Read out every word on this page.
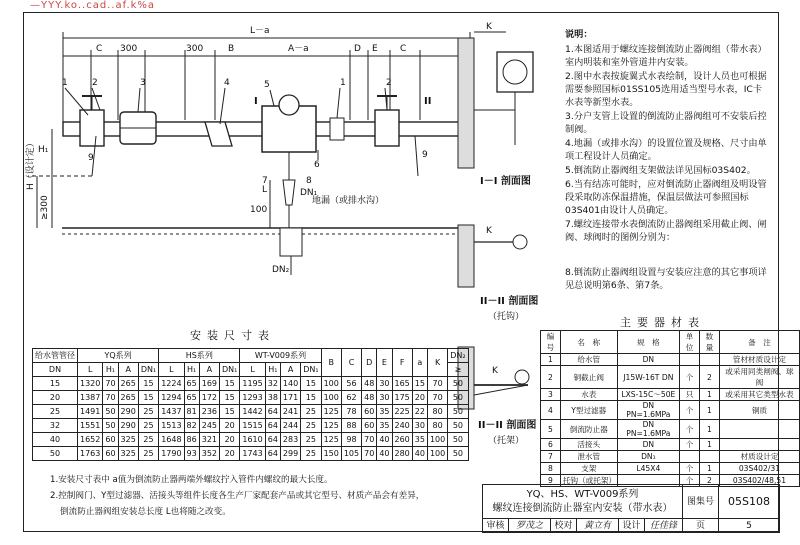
—YYY.ko..cad..af.k%a
L－a
C 300	300	B	A－a	D E C
H₁
H（设计定）
≥300	100
L	DN₁
DN₂
地漏（或排水沟）
1	2	3	4	5
6
7	8
9
1	2
9
I	II
K
I－I 剖面图
K
II－II 剖面图
（托钩）
K
II－II 剖面图
（托架）
说明：
1.本图适用于螺纹连接倒流防止器阀组（带水表）室内明装和室外管道井内安装。
2.图中水表按旋翼式水表绘制，设计人员也可根据需要参照国标01SS105选用适当型号水表，IC卡水表等新型水表。
3.分户支管上设置的倒流防止器阀组可不安装后控制阀。
4.地漏（或排水沟）的设置位置及规格、尺寸由单项工程设计人员确定。
5.倒流防止器阀组支架做法详见国标03S402。
6.当有结冻可能时，应对倒流防止器阀组及明设管段采取防冻保温措施，保温层做法可参照国标03S401由设计人员确定。
7.螺纹连接带水表倒流防止器阀组采用截止阀、闸阀、球阀时的图例分别为：
8.倒流防止器阀组设置与安装应注意的其它事项详见总说明第6条、第7条。
安装尺寸表
给水管管径	YQ系列				HS系列				WT-V009系列				B	C	D	E	F	a	K	DN₂
DN	L	H₁	A	DN₁	L	H₁	A	DN₁	L	H₁	A	DN₁								≥
15	1320	70	265	15	1224	65	169	15	1195	32	140	15	100	56	48	30	165	15	70	50
20	1387	70	265	15	1294	65	172	15	1293	38	171	15	100	62	48	30	175	20	70	50
25	1491	50	290	25	1437	81	236	15	1442	64	241	25	125	78	60	35	225	22	80	50
32	1551	50	290	25	1513	82	245	20	1515	64	244	25	125	88	60	35	240	30	80	50
40	1652	60	325	25	1648	86	321	20	1610	64	283	25	125	98	70	40	260	35	100	50
50	1763	60	325	25	1790	93	352	20	1743	64	299	25	150	105	70	40	280	40	100	50
主要器材表
编号	名　称	规　格	单位	数量	备　注
1	给水管	DN			管材材质设计定
2	铜截止阀	J15W-16T DN	个	2	或采用同类闸阀、球阀
3	水表	LXS-15C～50E	只	1	或采用其它类型水表
4	Y型过滤器	DN PN=1.6MPa	个	1	铜质
5	倒流防止器	DN PN=1.6MPa	个	1	
6	活接头	DN	个	1	
7	泄水管	DN₁			材质设计定
8	支架	L45X4	个	1	03S402/31
9	托钩（或托架）		个	2	03S402/48,51
1.安装尺寸表中 a值为倒流防止器两端外螺纹拧入管件内螺纹的最大长度。
2.控制阀门、Y型过滤器、活接头等组件长度各生产厂家配套产品或其它型号、材质产品会有差异，
倒流防止器阀组安装总长度 L也将随之改变。
YQ、HS、WT-V009系列
螺纹连接倒流防止器室内安装（带水表）
图集号	05S108
审核	罗茂之	校对	黄立有	设计	任佳锋	页	5
